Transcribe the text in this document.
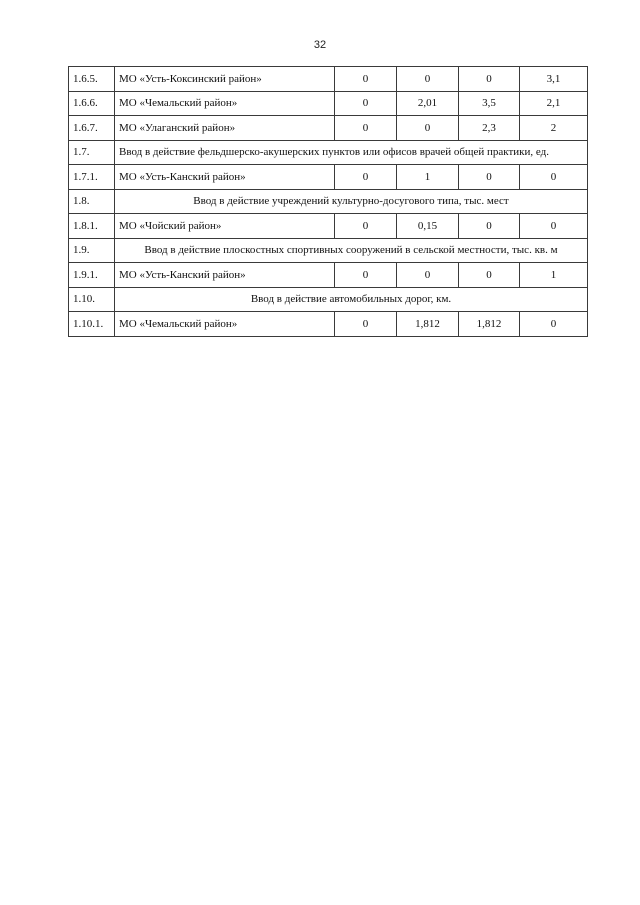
32
1.6.5.	МО «Усть-Коксинский район»	0	0	0	3,1
1.6.6.	МО «Чемальский район»	0	2,01	3,5	2,1
1.6.7.	МО «Улаганский район»	0	0	2,3	2
1.7.	Ввод в действие фельдшерско-акушерских пунктов или офисов врачей общей практики, ед.				
1.7.1.	МО «Усть-Канский район»	0	1	0	0
1.8.	Ввод в действие учреждений культурно-досугового типа, тыс. мест				
1.8.1.	МО «Чойский район»	0	0,15	0	0
1.9.	Ввод в действие плоскостных спортивных сооружений в сельской местности, тыс. кв. м				
1.9.1.	МО «Усть-Канский район»	0	0	0	1
1.10.	Ввод в действие автомобильных дорог, км.				
1.10.1.	МО «Чемальский район»	0	1,812	1,812	0
